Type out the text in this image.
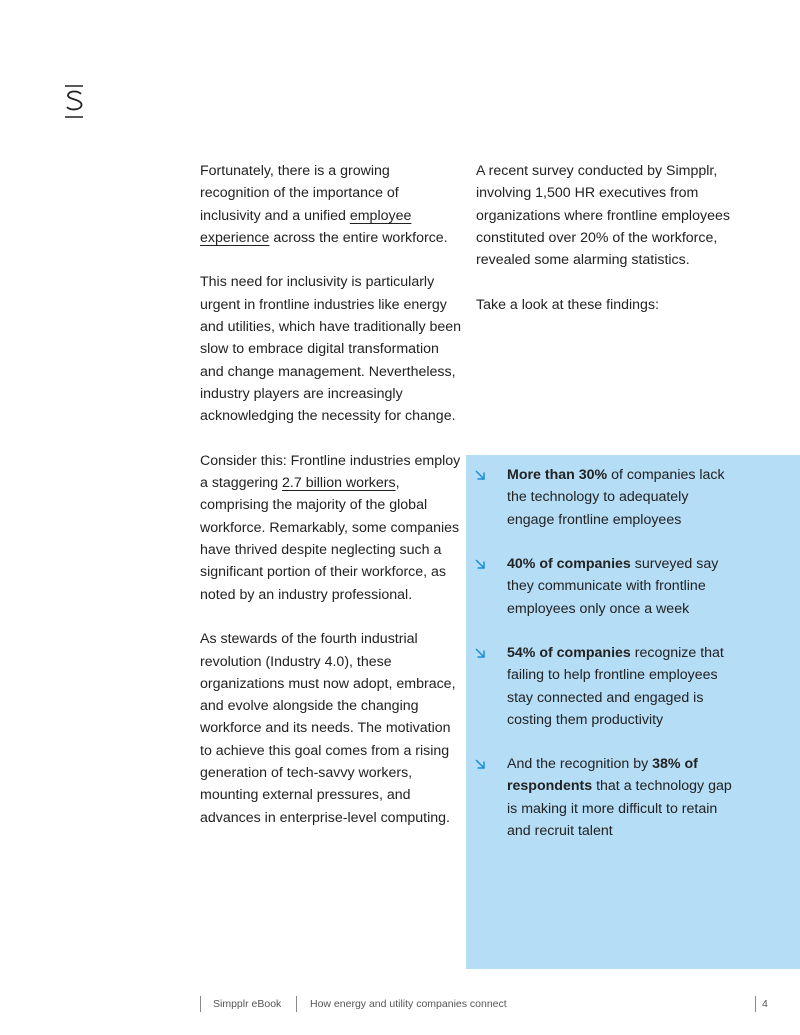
Fortunately, there is a growing recognition of the importance of inclusivity and a unified employee experience across the entire workforce.

This need for inclusivity is particularly urgent in frontline industries like energy and utilities, which have traditionally been slow to embrace digital transformation and change management. Nevertheless, industry players are increasingly acknowledging the necessity for change.

Consider this: Frontline industries employ a staggering 2.7 billion workers, comprising the majority of the global workforce. Remarkably, some companies have thrived despite neglecting such a significant portion of their workforce, as noted by an industry professional.

As stewards of the fourth industrial revolution (Industry 4.0), these organizations must now adopt, embrace, and evolve alongside the changing workforce and its needs. The motivation to achieve this goal comes from a rising generation of tech-savvy workers, mounting external pressures, and advances in enterprise-level computing.

A recent survey conducted by Simpplr, involving 1,500 HR executives from organizations where frontline employees constituted over 20% of the workforce, revealed some alarming statistics.

Take a look at these findings:

More than 30% of companies lack the technology to adequately engage frontline employees
40% of companies surveyed say they communicate with frontline employees only once a week
54% of companies recognize that failing to help frontline employees stay connected and engaged is costing them productivity
And the recognition by 38% of respondents that a technology gap is making it more difficult to retain and recruit talent
Simpplr eBook	How energy and utility companies connect	4
